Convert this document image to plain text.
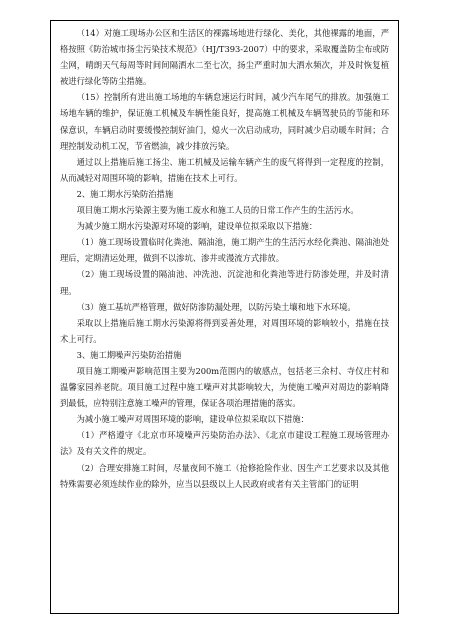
（14）对施工现场办公区和生活区的裸露场地进行绿化、美化，其他裸露的地面，严格按照《防治城市扬尘污染技术规范》（HJ/T393-2007）中的要求，采取覆盖防尘布或防尘网，晴朗天气每周等时间间隔洒水二至七次，扬尘严重时加大洒水频次，并及时恢复植被进行绿化等防尘措施。

（15）控制所有进出施工场地的车辆怠速运行时间，减少汽车尾气的排放。加强施工场地车辆的维护，保证施工机械及车辆性能良好，提高施工机械及车辆驾驶员的节能和环保意识，车辆启动时要缓慢控制好油门，熄火一次启动成功，同时减少启动暖车时间；合理控制发动机工况，节省燃油，减少排放污染。

通过以上措施后施工扬尘、施工机械及运输车辆产生的废气将得到一定程度的控制，从而减轻对周围环境的影响，措施在技术上可行。

2、施工期水污染防治措施

项目施工期水污染源主要为施工废水和施工人员的日常工作产生的生活污水。

为减少施工期水污染源对环境的影响，建设单位拟采取以下措施：

（1）施工现场设置临时化粪池、隔油池，施工期产生的生活污水经化粪池、隔油池处理后，定期清运处理，做到不以渗坑、渗井或漫流方式排放。

（2）施工现场设置的隔油池、冲洗池、沉淀池和化粪池等进行防渗处理，并及时清理。

（3）施工基坑严格管理，做好防渗防漏处理，以防污染土壤和地下水环境。

采取以上措施后施工期水污染源将得到妥善处理，对周围环境的影响较小，措施在技术上可行。

3、施工期噪声污染防治措施

项目施工期噪声影响范围主要为200m范围内的敏感点，包括老三余村、寺仪庄村和温馨家园养老院。项目施工过程中施工噪声对其影响较大，为使施工噪声对周边的影响降到最低，应特别注意施工噪声的管理，保证各项治理措施的落实。

为减小施工噪声对周围环境的影响，建设单位拟采取以下措施：

（1）严格遵守《北京市环境噪声污染防治办法》、《北京市建设工程施工现场管理办法》及有关文件的规定。

（2）合理安排施工时间，尽量夜间不施工（抢修抢险作业、因生产工艺要求以及其他特殊需要必须连续作业的除外，应当以县级以上人民政府或者有关主管部门的证明
